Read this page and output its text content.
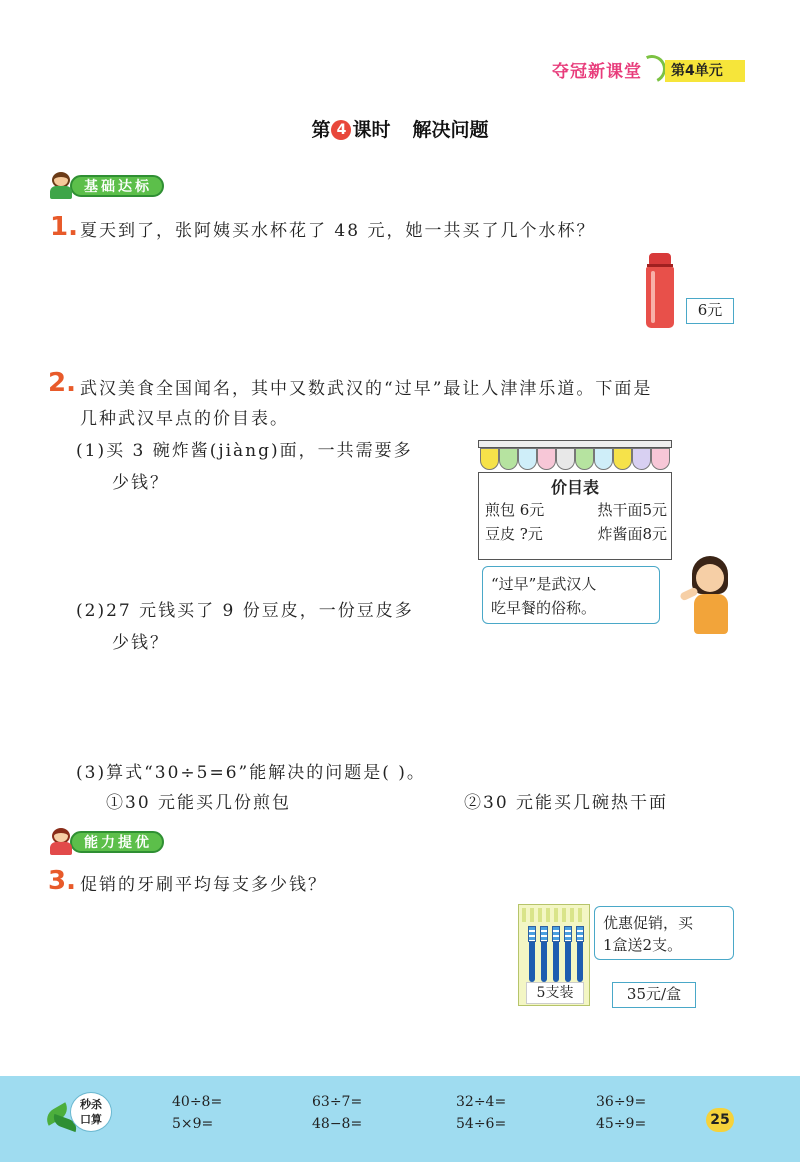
夺冠新课堂	第4单元
第 4 课时 解决问题
基础达标
1. 夏天到了，张阿姨买水杯花了 48 元，她一共买了几个水杯？
6元
2. 武汉美食全国闻名，其中又数武汉的“过早”最让人津津乐道。下面是
几种武汉早点的价目表。
(1)买 3 碗炸酱(jiàng)面，一共需要多
少钱？	价目表
煎包 6元	热干面5元
豆皮 ?元	炸酱面8元
(2)27 元钱买了 9 份豆皮，一份豆皮多
少钱？
“过早”是武汉人
吃早餐的俗称。
(3)算式“30÷5=6”能解决的问题是( )。
①30 元能买几份煎包	②30 元能买几碗热干面
能力提优
3. 促销的牙刷平均每支多少钱？
5支装
优惠促销，买
1盒送2支。
35元/盒
秒杀
口算
40÷8=	63÷7=	32÷4=	36÷9=
5×9=	48−8=	54÷6=	45÷9=	25
